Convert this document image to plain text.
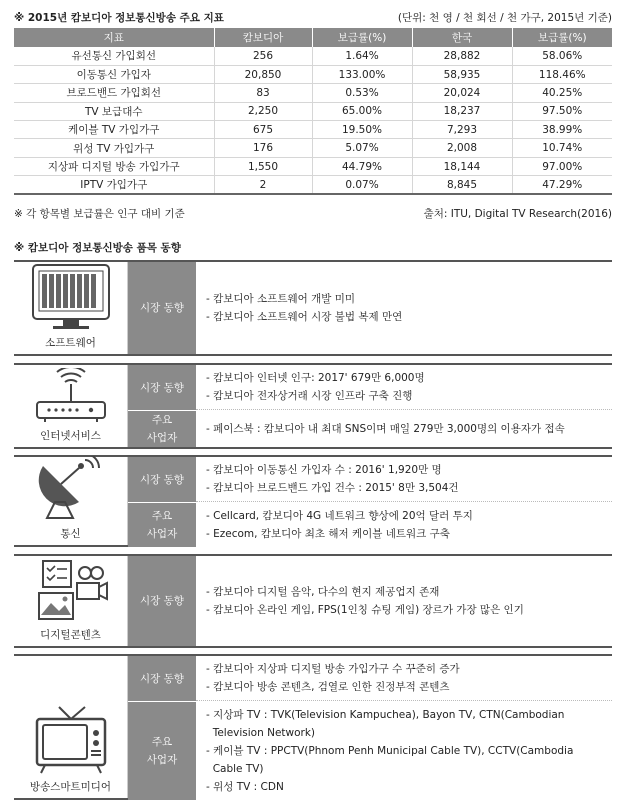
※ 2015년 캄보디아 정보통신방송 주요 지표	(단위: 천 영 / 천 회선 / 천 가구, 2015년 기준)
지표	캄보디아	보급률(%)	한국	보급률(%)
유선통신 가입회선	256	1.64%	28,882	58.06%
이동통신 가입자	20,850	133.00%	58,935	118.46%
브로드밴드 가입회선	83	0.53%	20,024	40.25%
TV 보급대수	2,250	65.00%	18,237	97.50%
케이블 TV 가입가구	675	19.50%	7,293	38.99%
위성 TV 가입가구	176	5.07%	2,008	10.74%
지상파 디지털 방송 가입가구	1,550	44.79%	18,144	97.00%
IPTV 가입가구	2	0.07%	8,845	47.29%
※ 각 항목별 보급률은 인구 대비 기준	출처: ITU, Digital TV Research(2016)
※ 캄보디아 정보통신방송 품목 동향
소프트웨어
시장 동향
- 캄보디아 소프트웨어 개발 미미
- 캄보디아 소프트웨어 시장 불법 복제 만연
인터넷서비스
시장 동향
- 캄보디아 인터넷 인구: 2017' 679만 6,000명
- 캄보디아 전자상거래 시장 인프라 구축 진행
주요
사업자
- 페이스북 : 캄보디아 내 최대 SNS이며 매일 279만 3,000명의 이용자가 접속
통신
시장 동향
- 캄보디아 이동통신 가입자 수 : 2016' 1,920만 명
- 캄보디아 브로드밴드 가입 건수 : 2015' 8만 3,504건
주요
사업자
- Cellcard, 캄보디아 4G 네트워크 향상에 20억 달러 투지
- Ezecom, 캄보디아 최초 해저 케이블 네트워크 구축
디지털콘텐츠
시장 동향
- 캄보디아 디지털 음악, 다수의 현지 제공업지 존재
- 캄보디아 온라인 게임, FPS(1인칭 슈팅 게임) 장르가 가장 많은 인기
방송스마트미디어
시장 동향
- 캄보디아 지상파 디지털 방송 가입가구 수 꾸준히 증가
- 캄보디아 방송 콘텐츠, 검열로 인한 진정부적 콘텐츠
주요
사업자
- 지상파 TV : TVK(Television Kampuchea), Bayon TV, CTN(Cambodian
Television Network)
- 케이블 TV : PPCTV(Phnom Penh Municipal Cable TV), CCTV(Cambodia
Cable TV)
- 위성 TV : CDN
